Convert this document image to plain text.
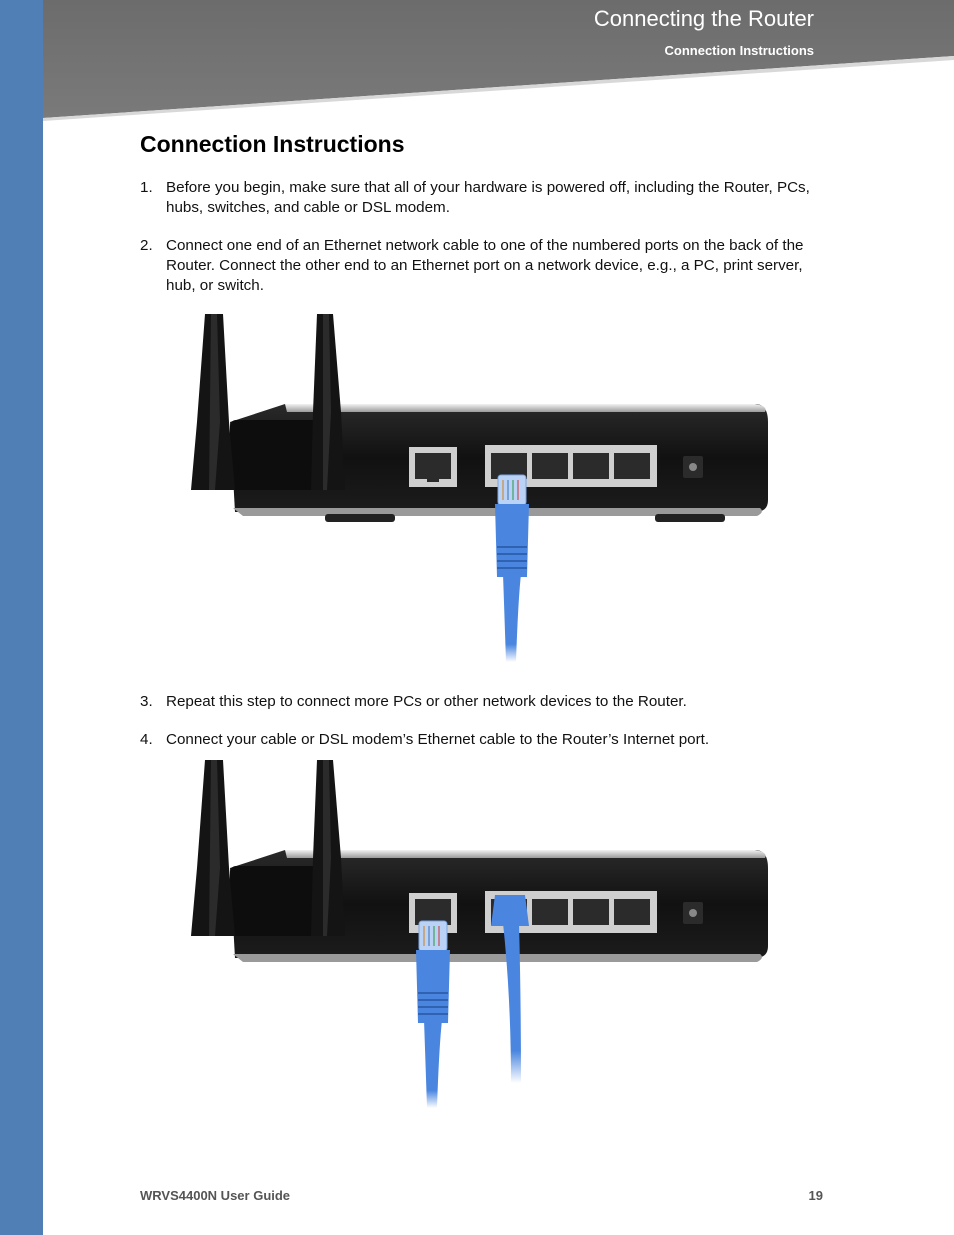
Connecting the Router
Connection Instructions
Connection Instructions
1. Before you begin, make sure that all of your hardware is powered off, including the Router, PCs, hubs, switches, and cable or DSL modem.
2. Connect one end of an Ethernet network cable to one of the numbered ports on the back of the Router. Connect the other end to an Ethernet port on a network device, e.g., a PC, print server, hub, or switch.
3. Repeat this step to connect more PCs or other network devices to the Router.
4. Connect your cable or DSL modem’s Ethernet cable to the Router’s Internet port.
WRVS4400N User Guide	19
